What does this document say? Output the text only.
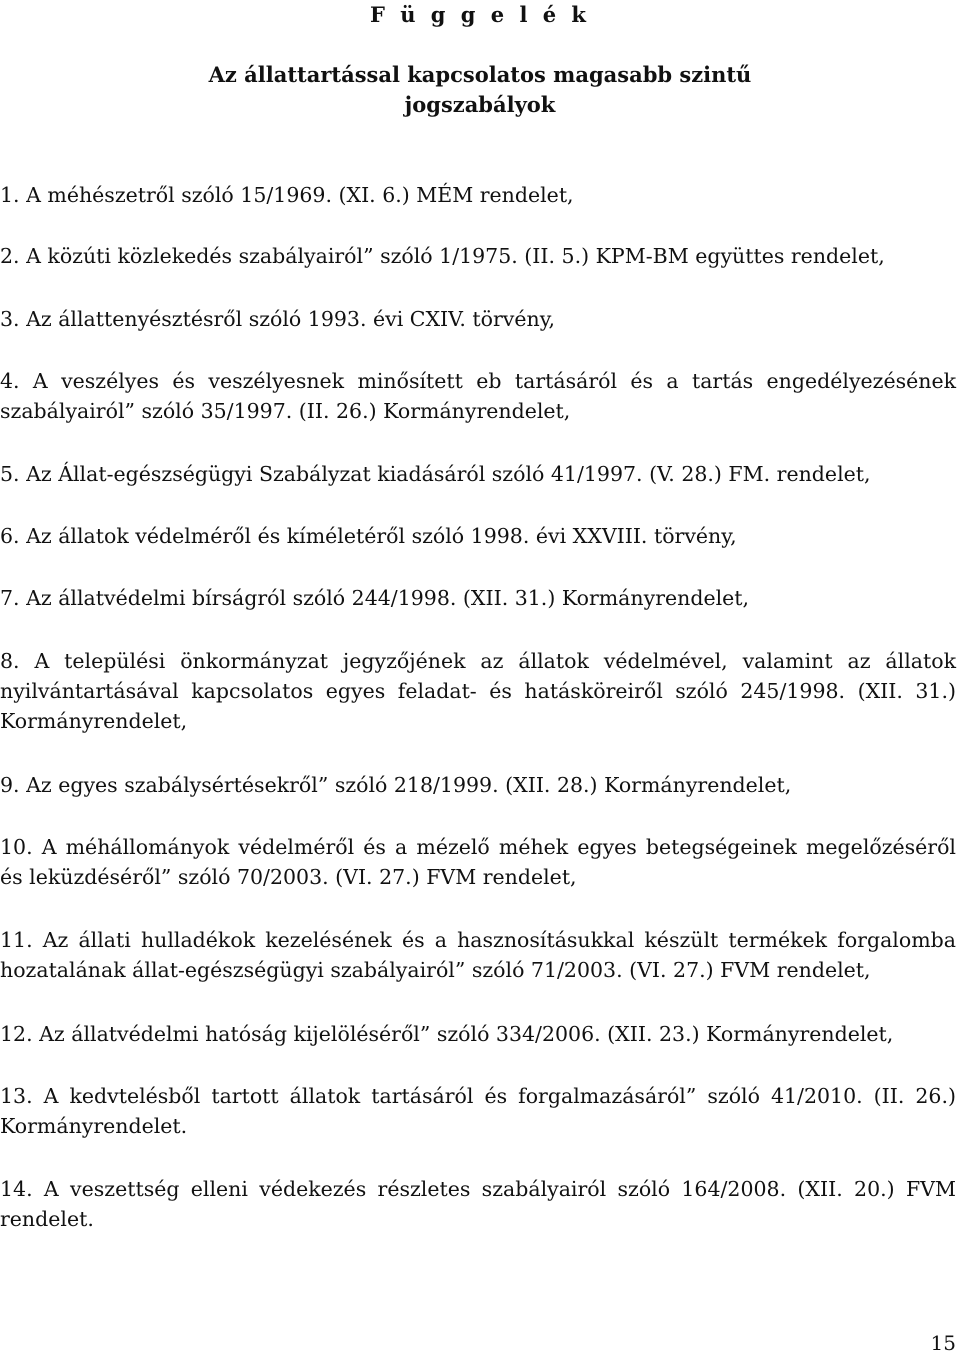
F ü g g e l é k
Az állattartással kapcsolatos magasabb szintű
jogszabályok

1. A méhészetről szóló 15/1969. (XI. 6.) MÉM rendelet,

2. A közúti közlekedés szabályairól” szóló 1/1975. (II. 5.) KPM-BM együttes rendelet,

3. Az állattenyésztésről szóló 1993. évi CXIV. törvény,

4. A veszélyes és veszélyesnek minősített eb tartásáról és a tartás engedélyezésének szabályairól” szóló 35/1997. (II. 26.) Kormányrendelet,

5. Az Állat-egészségügyi Szabályzat kiadásáról szóló 41/1997. (V. 28.) FM. rendelet,

6. Az állatok védelméről és kíméletéről szóló 1998. évi XXVIII. törvény,

7. Az állatvédelmi bírságról szóló 244/1998. (XII. 31.) Kormányrendelet,

8. A települési önkormányzat jegyzőjének az állatok védelmével, valamint az állatok nyilvántartásával kapcsolatos egyes feladat- és hatásköreiről szóló 245/1998. (XII. 31.) Kormányrendelet,

9. Az egyes szabálysértésekről” szóló 218/1999. (XII. 28.) Kormányrendelet,

10. A méhállományok védelméről és a mézelő méhek egyes betegségeinek megelőzéséről és leküzdéséről” szóló 70/2003. (VI. 27.) FVM rendelet,

11. Az állati hulladékok kezelésének és a hasznosításukkal készült termékek forgalomba hozatalának állat-egészségügyi szabályairól” szóló 71/2003. (VI. 27.) FVM rendelet,

12. Az állatvédelmi hatóság kijelöléséről” szóló 334/2006. (XII. 23.) Kormányrendelet,

13. A kedvtelésből tartott állatok tartásáról és forgalmazásáról” szóló 41/2010. (II. 26.) Kormányrendelet.

14. A veszettség elleni védekezés részletes szabályairól szóló 164/2008. (XII. 20.) FVM rendelet.

15
